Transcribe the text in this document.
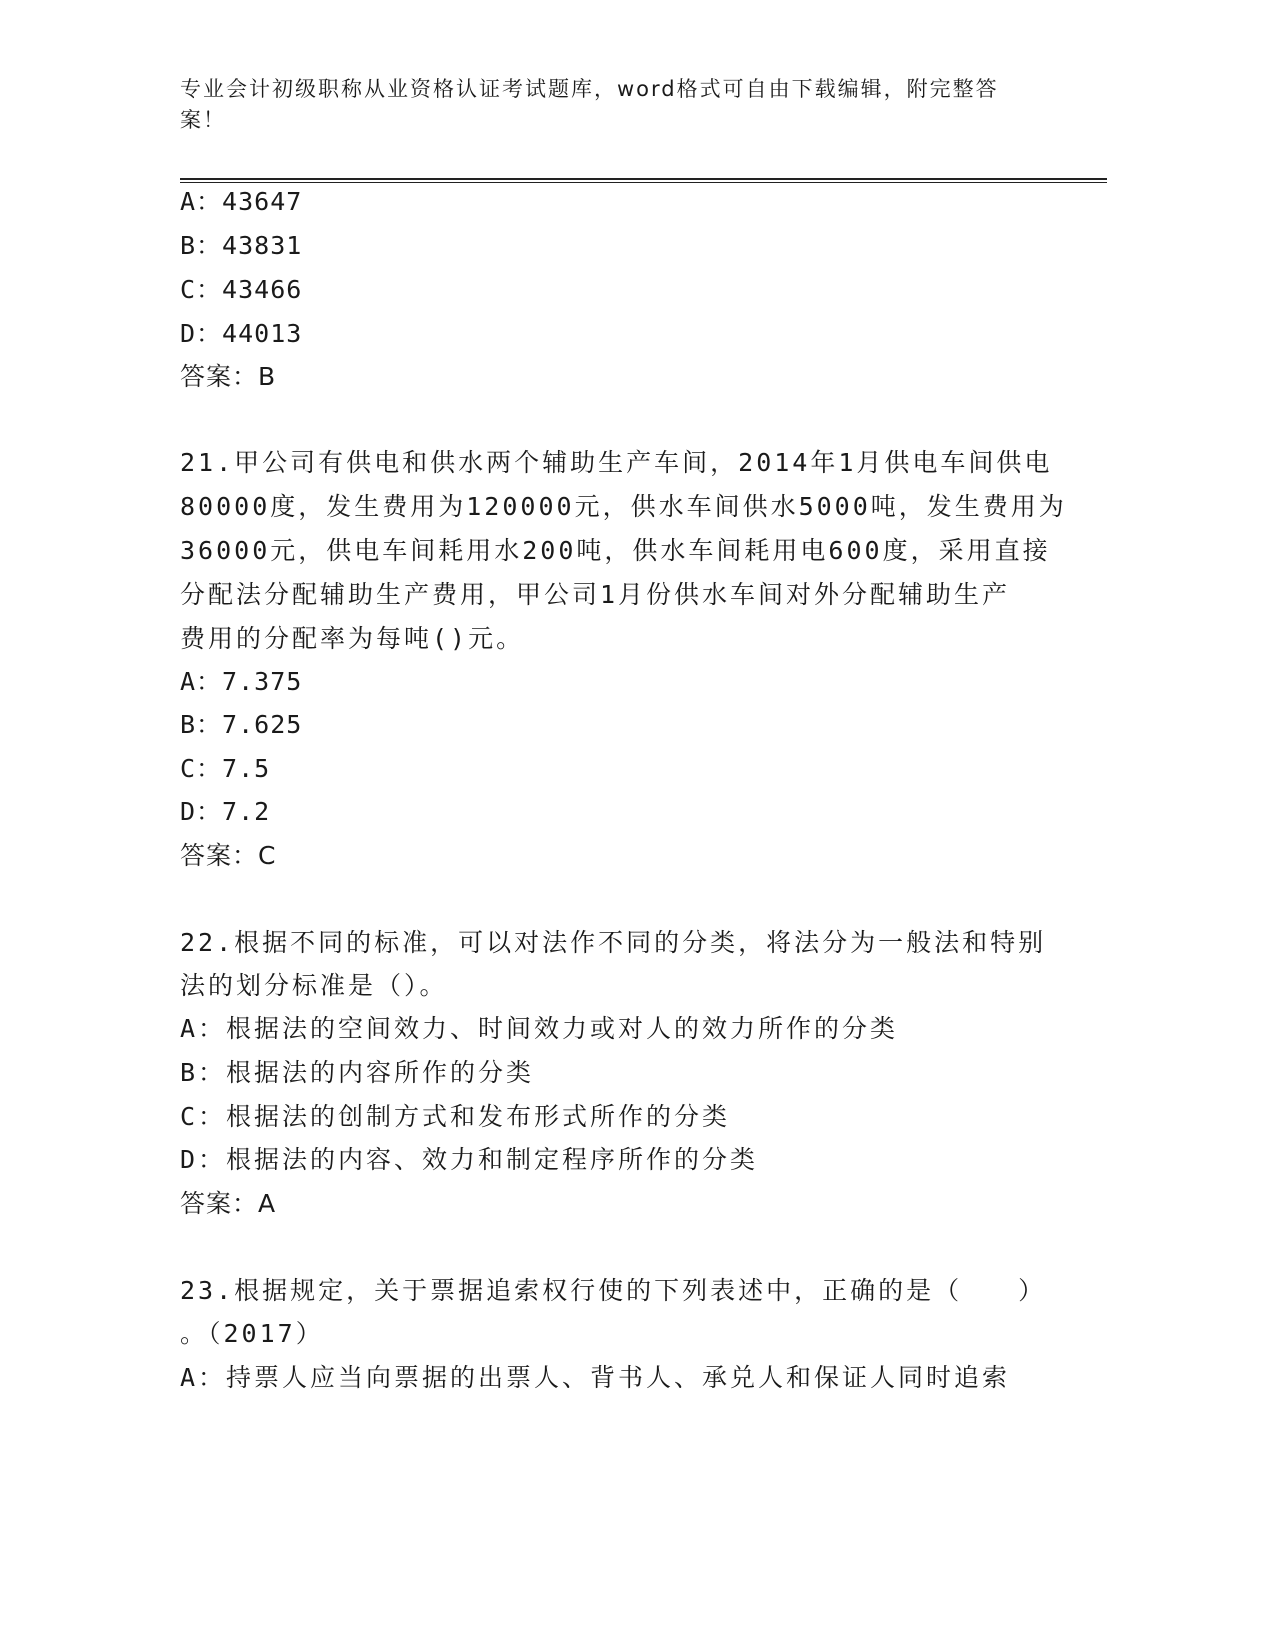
专业会计初级职称从业资格认证考试题库，word格式可自由下载编辑，附完整答案！
A：43647
B：43831
C：43466
D：44013
答案：B
21.甲公司有供电和供水两个辅助生产车间，2014年1月供电车间供电
80000度，发生费用为120000元，供水车间供水5000吨，发生费用为
36000元，供电车间耗用水200吨，供水车间耗用电600度，采用直接
分配法分配辅助生产费用，甲公司1月份供水车间对外分配辅助生产
费用的分配率为每吨()元。
A：7.375
B：7.625
C：7.5
D：7.2
答案：C
22.根据不同的标准，可以对法作不同的分类，将法分为一般法和特别
法的划分标准是（）。
A：根据法的空间效力、时间效力或对人的效力所作的分类
B：根据法的内容所作的分类
C：根据法的创制方式和发布形式所作的分类
D：根据法的内容、效力和制定程序所作的分类
答案：A
23.根据规定，关于票据追索权行使的下列表述中，正确的是（　　）
。（2017）
A：持票人应当向票据的出票人、背书人、承兑人和保证人同时追索
